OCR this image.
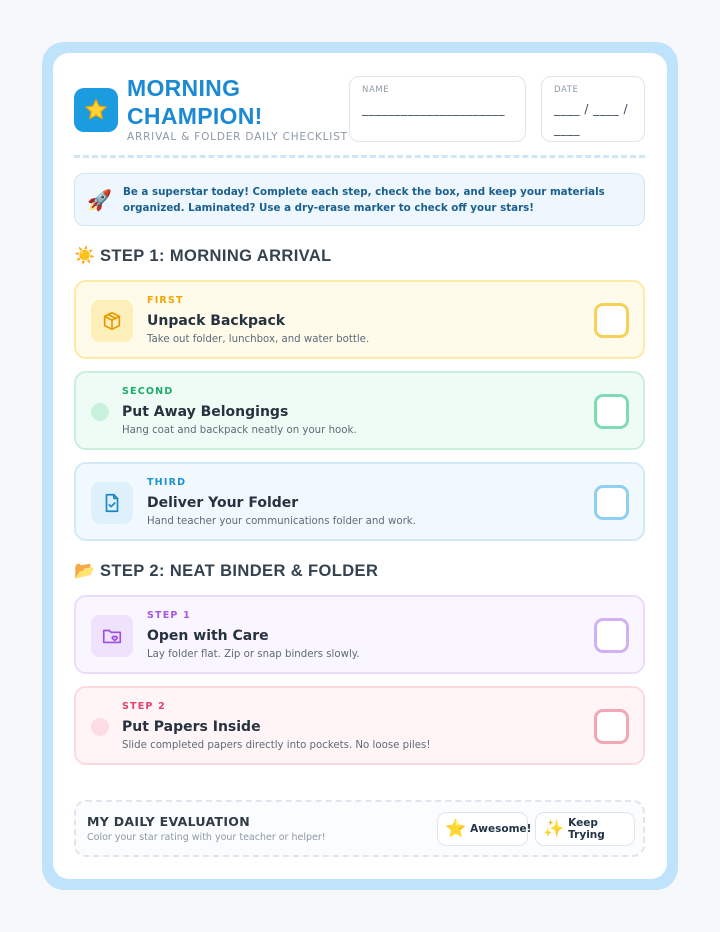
MORNING CHAMPION!
ARRIVAL & FOLDER DAILY CHECKLIST
NAME
______________________
DATE
____ / ____ / ____
🚀	Be a superstar today! Complete each step, check the box, and keep your materials organized. Laminated? Use a dry-erase marker to check off your stars!
☀️ STEP 1: MORNING ARRIVAL
FIRST
Unpack Backpack
Take out folder, lunchbox, and water bottle.
SECOND
Put Away Belongings
Hang coat and backpack neatly on your hook.
THIRD
Deliver Your Folder
Hand teacher your communications folder and work.
📂 STEP 2: NEAT BINDER & FOLDER
STEP 1
Open with Care
Lay folder flat. Zip or snap binders slowly.
STEP 2
Put Papers Inside
Slide completed papers directly into pockets. No loose piles!
MY DAILY EVALUATION
Color your star rating with your teacher or helper!	⭐ Awesome! ✨ Keep Trying
